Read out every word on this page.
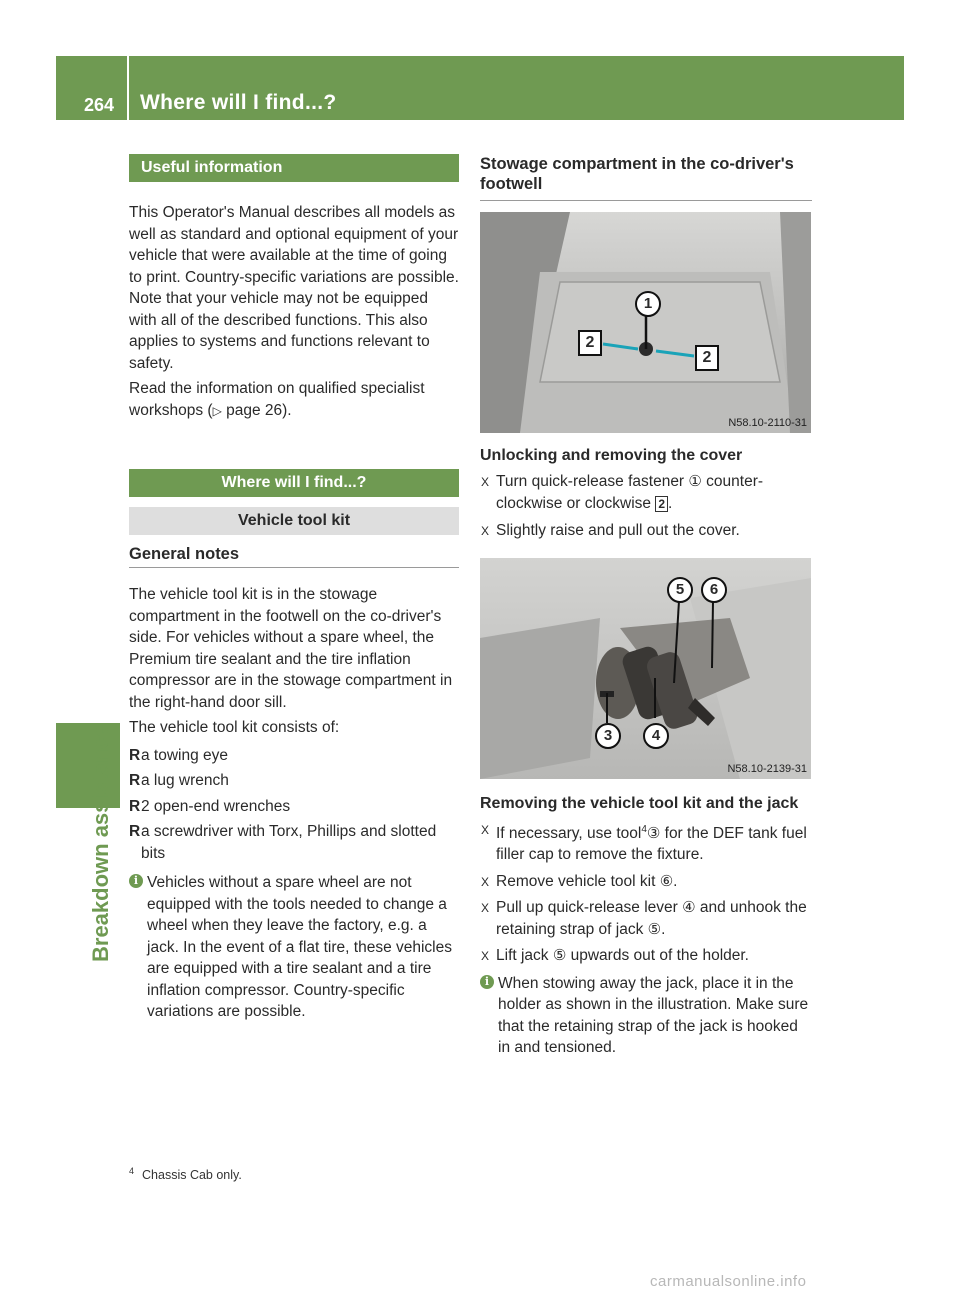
264 Where will I find...?
Breakdown assistance
Useful information

This Operator's Manual describes all models as well as standard and optional equipment of your vehicle that were available at the time of going to print. Country-specific variations are possible. Note that your vehicle may not be equipped with all of the described functions. This also applies to systems and functions relevant to safety.

Read the information on qualified specialist workshops (▷ page 26).

Where will I find...?
Vehicle tool kit
General notes

The vehicle tool kit is in the stowage compartment in the footwell on the co-driver's side. For vehicles without a spare wheel, the Premium tire sealant and the tire inflation compressor are in the stowage compartment in the right-hand door sill.

The vehicle tool kit consists of:

R a towing eye
R a lug wrench
R 2 open-end wrenches
R a screwdriver with Torx, Phillips and slotted bits
i Vehicles without a spare wheel are not equipped with the tools needed to change a wheel when they leave the factory, e.g. a jack. In the event of a flat tire, these vehicles are equipped with a tire sealant and a tire inflation compressor. Country-specific variations are possible.
Stowage compartment in the co-driver's footwell
1
2
2
N58.10-2110-31
Unlocking and removing the cover
X Turn quick-release fastener ① counter-clockwise or clockwise 2 .
X Slightly raise and pull out the cover.
5	6
3	4
N58.10-2139-31
Removing the vehicle tool kit and the jack
X If necessary, use tool$^4$③ for the DEF tank fuel filler cap to remove the fixture.
X Remove vehicle tool kit ⑥.
X Pull up quick-release lever ④ and unhook the retaining strap of jack ⑤.
X Lift jack ⑤ upwards out of the holder.
i When stowing away the jack, place it in the holder as shown in the illustration. Make sure that the retaining strap of the jack is hooked in and tensioned.
$^4$ Chassis Cab only.
carmanualsonline.info
